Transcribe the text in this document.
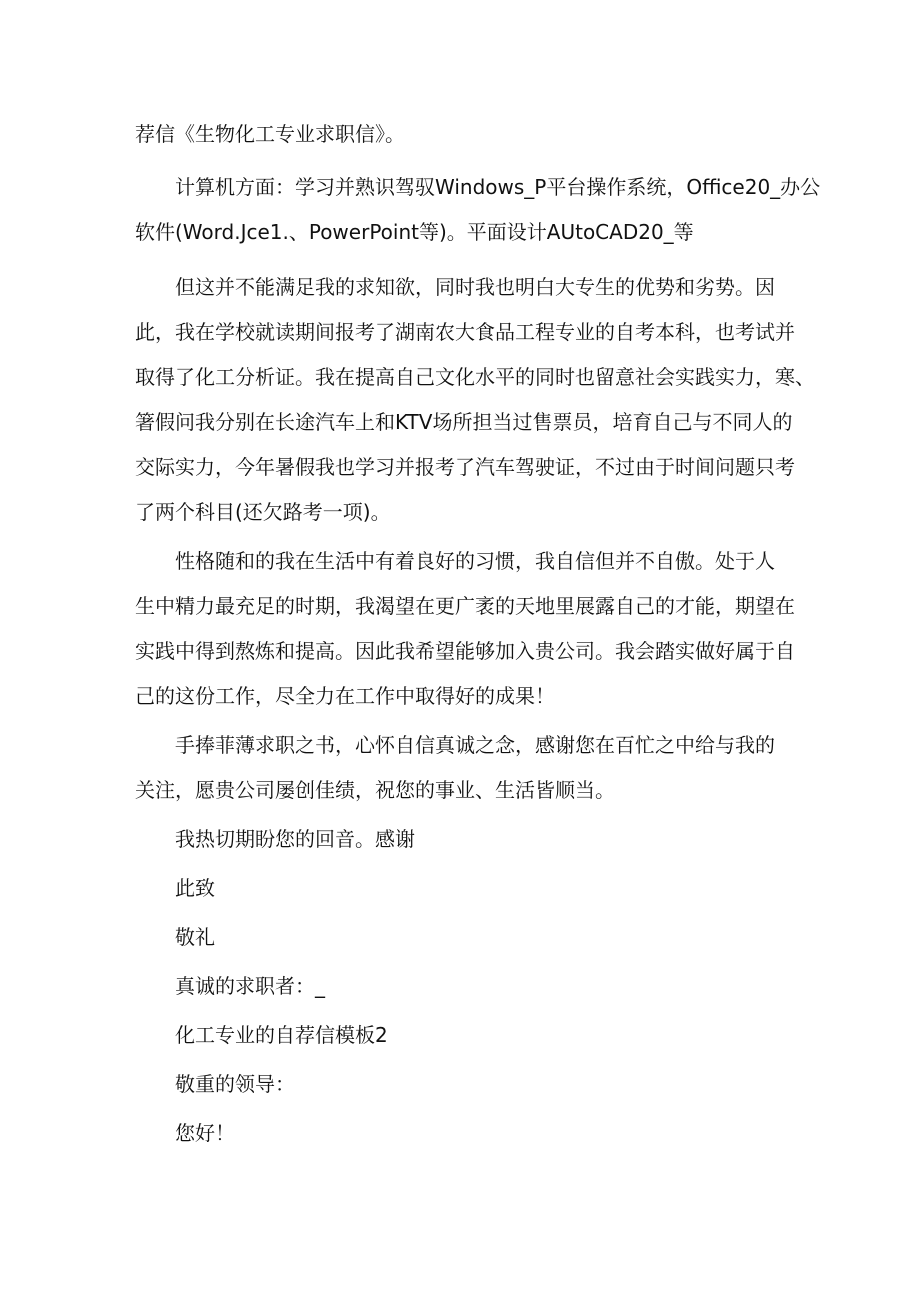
荐信《生物化工专业求职信》。

计算机方面：学习并熟识驾驭Windows_P平台操作系统，Office20_办公
软件(Word.Jce1.、PowerPoint等)。平面设计AUtoCAD20_等

但这并不能满足我的求知欲，同时我也明白大专生的优势和劣势。因
此，我在学校就读期间报考了湖南农大食品工程专业的自考本科，也考试并
取得了化工分析证。我在提高自己文化水平的同时也留意社会实践实力，寒、
箸假问我分别在长途汽车上和KTV场所担当过售票员，培育自己与不同人的
交际实力，今年暑假我也学习并报考了汽车驾驶证，不过由于时间问题只考
了两个科目(还欠路考一项)。

性格随和的我在生活中有着良好的习惯，我自信但并不自傲。处于人
生中精力最充足的时期，我渴望在更广袤的天地里展露自己的才能，期望在
实践中得到熬炼和提高。因此我希望能够加入贵公司。我会踏实做好属于自
己的这份工作，尽全力在工作中取得好的成果！

手捧菲薄求职之书，心怀自信真诚之念，感谢您在百忙之中给与我的
关注，愿贵公司屡创佳绩，祝您的事业、生活皆顺当。

我热切期盼您的回音。感谢

此致

敬礼

真诚的求职者：_

化工专业的自荐信模板2

敬重的领导：

您好！
